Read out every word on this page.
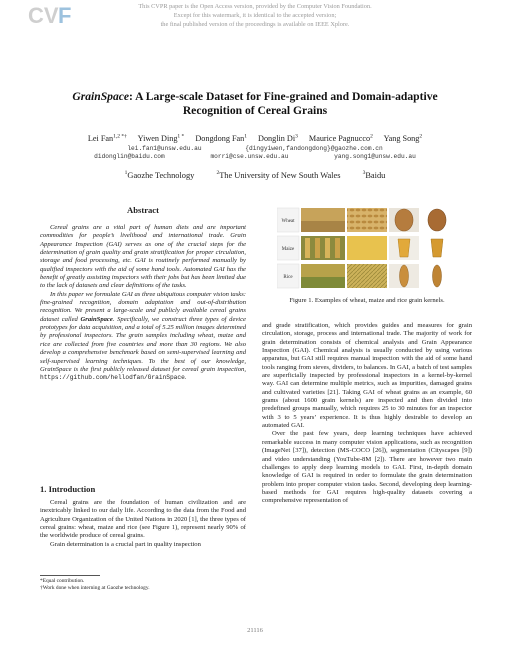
CV F	This CVPR paper is the Open Access version, provided by the Computer Vision Foundation.
Except for this watermark, it is identical to the accepted version;
the final published version of the proceedings is available on IEEE Xplore.
GrainSpace: A Large-scale Dataset for Fine-grained and Domain-adaptive
Recognition of Cereal Grains
Lei Fan$^{1,2 *\dagger}$ Yiwen Ding$^{1 *}$ Dongdong Fan$^1$ Donglin Di$^3$ Maurice Pagnucco$^2$ Yang Song$^2$
lei.fan1@unsw.edu.au	{dingyiwen,fandongdong}@gaozhe.com.cn
didonglin@baidu.com	morri@cse.unsw.edu.au	yang.song1@unsw.edu.au
$^1$Gaozhe Technology	$^2$The University of New South Wales	$^3$Baidu
Abstract

Cereal grains are a vital part of human diets and are important commodities for people’s livelihood and international trade. Grain Appearance Inspection (GAI) serves as one of the crucial steps for the determination of grain quality and grain stratification for proper circulation, storage and food processing, etc. GAI is routinely performed manually by qualified inspectors with the aid of some hand tools. Automated GAI has the benefit of greatly assisting inspectors with their jobs but has been limited due to the lack of datasets and clear definitions of the tasks.

In this paper we formulate GAI as three ubiquitous computer vision tasks: fine-grained recognition, domain adaptation and out-of-distribution recognition. We present a large-scale and publicly available cereal grains dataset called GrainSpace. Specifically, we construct three types of device prototypes for data acquisition, and a total of 5.25 million images determined by professional inspectors. The grain samples including wheat, maize and rice are collected from five countries and more than 30 regions. We also develop a comprehensive benchmark based on semi-supervised learning and self-supervised learning techniques. To the best of our knowledge, GrainSpace is the first publicly released dataset for cereal grain inspection, https://github.com/hellodfan/GrainSpace.

1. Introduction

Cereal grains are the foundation of human civilization and are inextricably linked to our daily life. According to the data from the Food and Agriculture Organization of the United Nations in 2020 [1], the three types of cereal grains: wheat, maize and rice (see Figure 1), represent nearly 90% of the worldwide produce of cereal grains.

Grain determination is a crucial part in quality inspection

*Equal contribution.
†Work done when interning at Gaozhe technology.
Wheat
Maize
Rice
Figure 1. Examples of wheat, maize and rice grain kernels.

and grade stratification, which provides guides and measures for grain circulation, storage, process and international trade. The majority of work for grain determination consists of chemical analysis and Grain Appearance Inspection (GAI). Chemical analysis is usually conducted by using various apparatus, but GAI still requires manual inspection with the aid of some hand tools ranging from sieves, dividers, to balances. In GAI, a batch of test samples are superficially inspected by professional inspectors in a kernel-by-kernel way. GAI can determine multiple metrics, such as impurities, damaged grains and cultivated varieties [21]. Taking GAI of wheat grains as an example, 60 grams (about 1600 grain kernels) are inspected and then divided into predefined groups manually, which requires 25 to 30 minutes for an inspector with 3 to 5 years’ experience. It is thus highly desirable to develop an automated GAI.

Over the past few years, deep learning techniques have achieved remarkable success in many computer vision applications, such as recognition (ImageNet [37]), detection (MS-COCO [26]), segmentation (Cityscapes [9]) and video understanding (YouTube-8M [2]). There are however two main challenges to apply deep learning models to GAI. First, in-depth domain knowledge of GAI is required in order to formulate the grain determination problem into proper computer vision tasks. Second, developing deep learning-based methods for GAI requires high-quality datasets covering a comprehensive representation of

21116
